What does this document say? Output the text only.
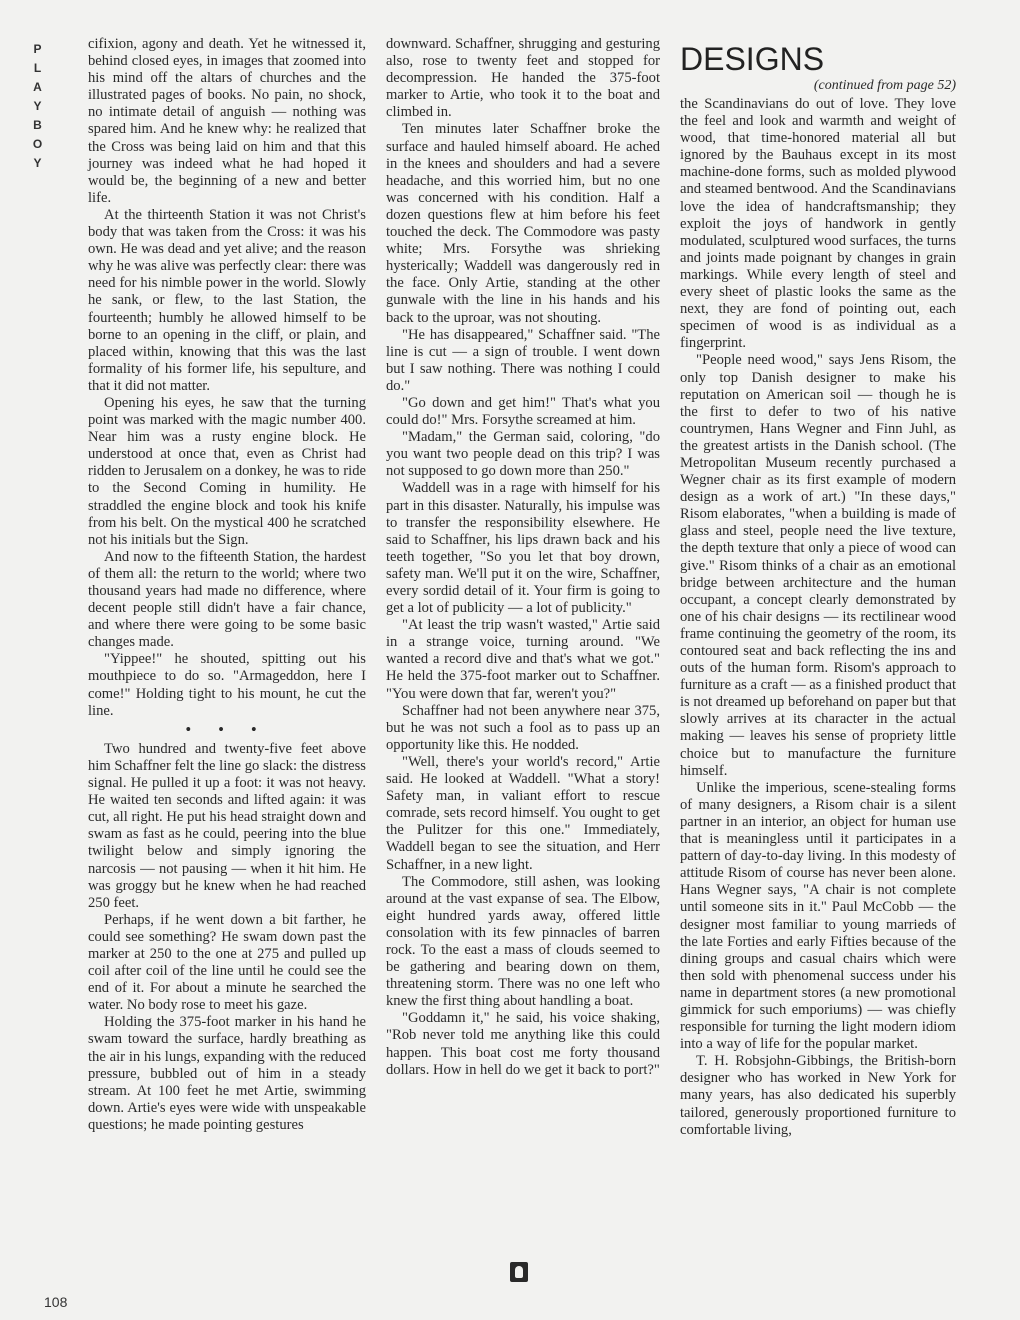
P
L
A
Y
B
O
Y

cifixion, agony and death. Yet he witnessed it, behind closed eyes, in images that zoomed into his mind off the altars of churches and the illustrated pages of books. No pain, no shock, no intimate detail of anguish — nothing was spared him. And he knew why: he realized that the Cross was being laid on him and that this journey was indeed what he had hoped it would be, the beginning of a new and better life.

At the thirteenth Station it was not Christ's body that was taken from the Cross: it was his own. He was dead and yet alive; and the reason why he was alive was perfectly clear: there was need for his nimble power in the world. Slowly he sank, or flew, to the last Station, the fourteenth; humbly he allowed himself to be borne to an opening in the cliff, or plain, and placed within, knowing that this was the last formality of his former life, his sepulture, and that it did not matter.

Opening his eyes, he saw that the turning point was marked with the magic number 400. Near him was a rusty engine block. He understood at once that, even as Christ had ridden to Jerusalem on a donkey, he was to ride to the Second Coming in humility. He straddled the engine block and took his knife from his belt. On the mystical 400 he scratched not his initials but the Sign.

And now to the fifteenth Station, the hardest of them all: the return to the world; where two thousand years had made no difference, where decent people still didn't have a fair chance, and where there were going to be some basic changes made.

"Yippee!" he shouted, spitting out his mouthpiece to do so. "Armageddon, here I come!" Holding tight to his mount, he cut the line.

• • •

Two hundred and twenty-five feet above him Schaffner felt the line go slack: the distress signal. He pulled it up a foot: it was not heavy. He waited ten seconds and lifted again: it was cut, all right. He put his head straight down and swam as fast as he could, peering into the blue twilight below and simply ignoring the narcosis — not pausing — when it hit him. He was groggy but he knew when he had reached 250 feet.

Perhaps, if he went down a bit farther, he could see something? He swam down past the marker at 250 to the one at 275 and pulled up coil after coil of the line until he could see the end of it. For about a minute he searched the water. No body rose to meet his gaze.

Holding the 375-foot marker in his hand he swam toward the surface, hardly breathing as the air in his lungs, expanding with the reduced pressure, bubbled out of him in a steady stream. At 100 feet he met Artie, swimming down. Artie's eyes were wide with unspeakable questions; he made pointing gestures

downward. Schaffner, shrugging and gesturing also, rose to twenty feet and stopped for decompression. He handed the 375-foot marker to Artie, who took it to the boat and climbed in.

Ten minutes later Schaffner broke the surface and hauled himself aboard. He ached in the knees and shoulders and had a severe headache, and this worried him, but no one was concerned with his condition. Half a dozen questions flew at him before his feet touched the deck. The Commodore was pasty white; Mrs. Forsythe was shrieking hysterically; Waddell was dangerously red in the face. Only Artie, standing at the other gunwale with the line in his hands and his back to the uproar, was not shouting.

"He has disappeared," Schaffner said. "The line is cut — a sign of trouble. I went down but I saw nothing. There was nothing I could do."

"Go down and get him!" That's what you could do!" Mrs. Forsythe screamed at him.

"Madam," the German said, coloring, "do you want two people dead on this trip? I was not supposed to go down more than 250."

Waddell was in a rage with himself for his part in this disaster. Naturally, his impulse was to transfer the responsibility elsewhere. He said to Schaffner, his lips drawn back and his teeth together, "So you let that boy drown, safety man. We'll put it on the wire, Schaffner, every sordid detail of it. Your firm is going to get a lot of publicity — a lot of publicity."

"At least the trip wasn't wasted," Artie said in a strange voice, turning around. "We wanted a record dive and that's what we got." He held the 375-foot marker out to Schaffner. "You were down that far, weren't you?"

Schaffner had not been anywhere near 375, but he was not such a fool as to pass up an opportunity like this. He nodded.

"Well, there's your world's record," Artie said. He looked at Waddell. "What a story! Safety man, in valiant effort to rescue comrade, sets record himself. You ought to get the Pulitzer for this one." Immediately, Waddell began to see the situation, and Herr Schaffner, in a new light.

The Commodore, still ashen, was looking around at the vast expanse of sea. The Elbow, eight hundred yards away, offered little consolation with its few pinnacles of barren rock. To the east a mass of clouds seemed to be gathering and bearing down on them, threatening storm. There was no one left who knew the first thing about handling a boat.

"Goddamn it," he said, his voice shaking, "Rob never told me anything like this could happen. This boat cost me forty thousand dollars. How in hell do we get it back to port?"

DESIGNS
(continued from page 52)

the Scandinavians do out of love. They love the feel and look and warmth and weight of wood, that time-honored material all but ignored by the Bauhaus except in its most machine-done forms, such as molded plywood and steamed bentwood. And the Scandinavians love the idea of handcraftsmanship; they exploit the joys of handwork in gently modulated, sculptured wood surfaces, the turns and joints made poignant by changes in grain markings. While every length of steel and every sheet of plastic looks the same as the next, they are fond of pointing out, each specimen of wood is as individual as a fingerprint.

"People need wood," says Jens Risom, the only top Danish designer to make his reputation on American soil — though he is the first to defer to two of his native countrymen, Hans Wegner and Finn Juhl, as the greatest artists in the Danish school. (The Metropolitan Museum recently purchased a Wegner chair as its first example of modern design as a work of art.) "In these days," Risom elaborates, "when a building is made of glass and steel, people need the live texture, the depth texture that only a piece of wood can give." Risom thinks of a chair as an emotional bridge between architecture and the human occupant, a concept clearly demonstrated by one of his chair designs — its rectilinear wood frame continuing the geometry of the room, its contoured seat and back reflecting the ins and outs of the human form. Risom's approach to furniture as a craft — as a finished product that is not dreamed up beforehand on paper but that slowly arrives at its character in the actual making — leaves his sense of propriety little choice but to manufacture the furniture himself.

Unlike the imperious, scene-stealing forms of many designers, a Risom chair is a silent partner in an interior, an object for human use that is meaningless until it participates in a pattern of day-to-day living. In this modesty of attitude Risom of course has never been alone. Hans Wegner says, "A chair is not complete until someone sits in it." Paul McCobb — the designer most familiar to young marrieds of the late Forties and early Fifties because of the dining groups and casual chairs which were then sold with phenomenal success under his name in department stores (a new promotional gimmick for such emporiums) — was chiefly responsible for turning the light modern idiom into a way of life for the popular market.

T. H. Robsjohn-Gibbings, the British-born designer who has worked in New York for many years, has also dedicated his superbly tailored, generously proportioned furniture to comfortable living,

108
